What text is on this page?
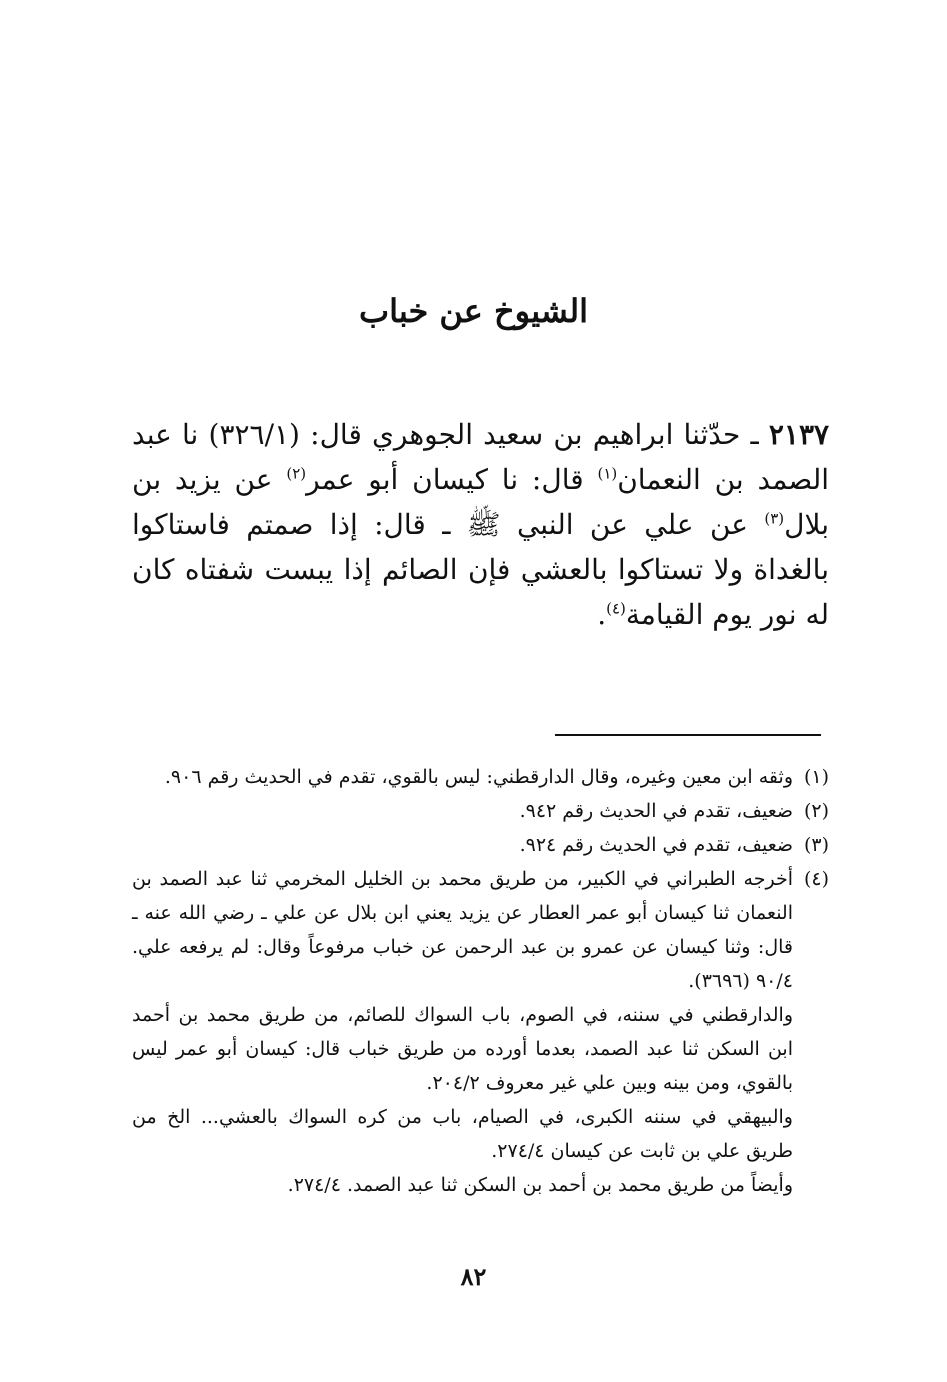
الشيوخ عن خباب

٢١٣٧ ـ حدّثنا ابراهيم بن سعيد الجوهري قال: (٣٢٦/١) نا عبد الصمد بن النعمان$^{(١)}$ قال: نا كيسان أبو عمر$^{(٢)}$ عن يزيد بن بلال$^{(٣)}$ عن علي عن النبي ﷺ ـ قال: إذا صمتم فاستاكوا بالغداة ولا تستاكوا بالعشي فإن الصائم إذا يبست شفتاه كان له نور يوم القيامة$^{(٤)}$.

(١)
وثقه ابن معين وغيره، وقال الدارقطني: ليس بالقوي، تقدم في الحديث رقم ٩٠٦.
(٢)
ضعيف، تقدم في الحديث رقم ٩٤٢.
(٣)
ضعيف، تقدم في الحديث رقم ٩٢٤.
(٤)
أخرجه الطبراني في الكبير، من طريق محمد بن الخليل المخرمي ثنا عبد الصمد بن النعمان ثنا كيسان أبو عمر العطار عن يزيد يعني ابن بلال عن علي ـ رضي الله عنه ـ قال: وثنا كيسان عن عمرو بن عبد الرحمن عن خباب مرفوعاً وقال: لم يرفعه علي. ٩٠/٤ (٣٦٩٦).

والدارقطني في سننه، في الصوم، باب السواك للصائم، من طريق محمد بن أحمد ابن السكن ثنا عبد الصمد، بعدما أورده من طريق خباب قال: كيسان أبو عمر ليس بالقوي، ومن بينه وبين علي غير معروف ٢٠٤/٢.

والبيهقي في سننه الكبرى، في الصيام، باب من كره السواك بالعشي... الخ من طريق علي بن ثابت عن كيسان ٢٧٤/٤.

وأيضاً من طريق محمد بن أحمد بن السكن ثنا عبد الصمد. ٢٧٤/٤.

٨٢
